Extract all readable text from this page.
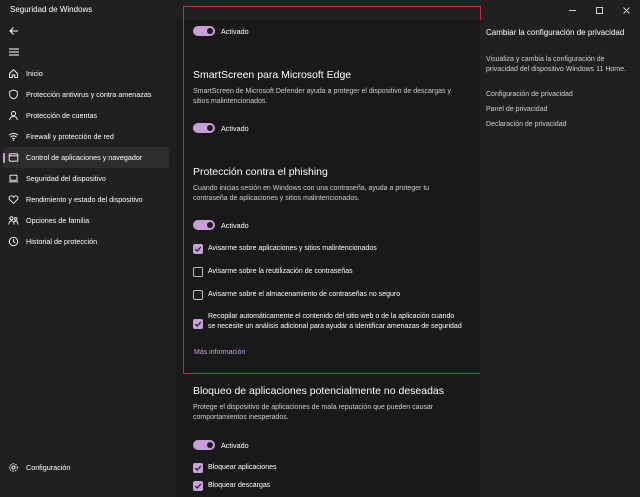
Seguridad de Windows
Inicio
Protección antivirus y contra amenazas
Protección de cuentas
Firewall y protección de red
Control de aplicaciones y navegador
Seguridad del dispositivo
Rendimiento y estado del dispositivo
Opciones de familia
Historial de protección
Configuración
Activado
SmartScreen para Microsoft Edge
SmartScreen de Microsoft Defender ayuda a proteger el dispositivo de descargas y sitios malintencionados.
Activado
Protección contra el phishing
Cuando inicias sesión en Windows con una contraseña, ayuda a proteger tu contraseña de aplicaciones y sitios malintencionados.
Activado
Avisarme sobre aplicaciones y sitios malintencionados
Avisarme sobre la reutilización de contraseñas
Avisarme sobre el almacenamiento de contraseñas no seguro
Recopilar automáticamente el contenido del sitio web o de la aplicación cuando se necesite un análisis adicional para ayudar a identificar amenazas de seguridad
Más información
Bloqueo de aplicaciones potencialmente no deseadas
Protege el dispositivo de aplicaciones de mala reputación que pueden causar comportamientos inesperados.
Activado
Bloquear aplicaciones
Bloquear descargas
Cambiar la configuración de privacidad
Visualiza y cambia la configuración de privacidad del dispositivo Windows 11 Home.
Configuración de privacidad
Panel de privacidad
Declaración de privacidad
